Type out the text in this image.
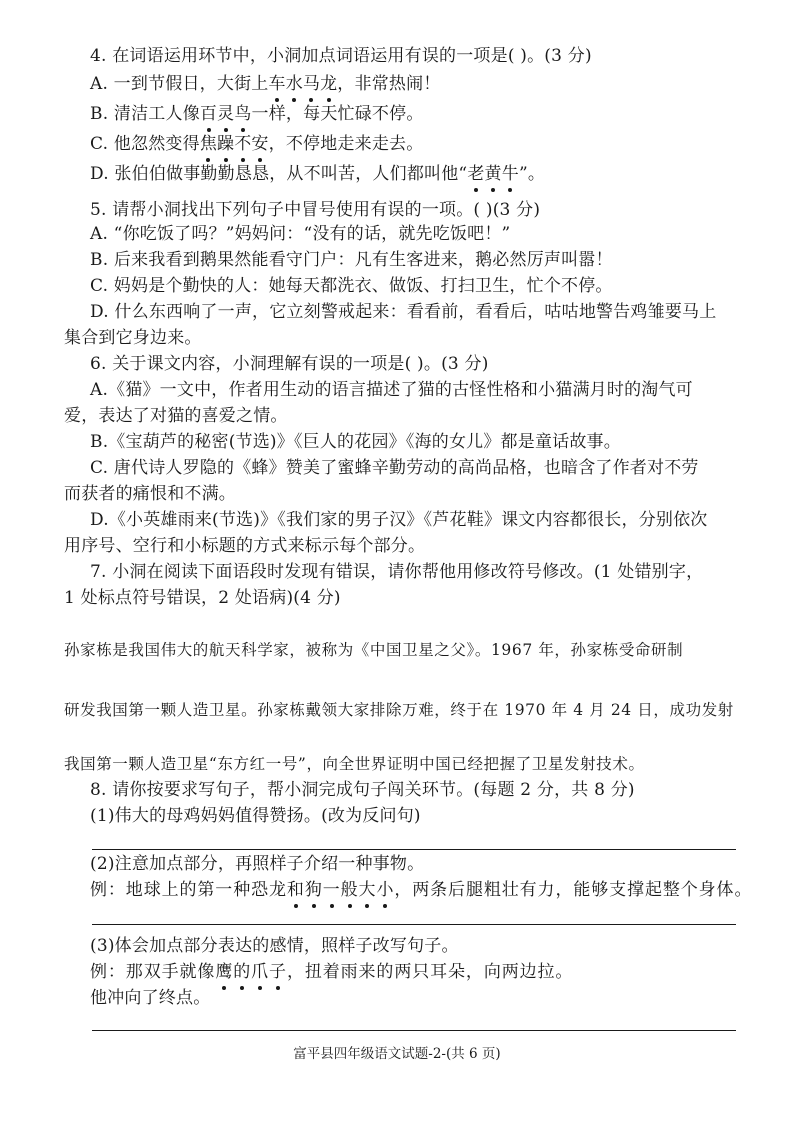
4. 在词语运用环节中，小洞加点词语运用有误的一项是( )。(3 分)
A. 一到节假日，大街上车水马龙，非常热闹！
B. 清洁工人像百灵鸟一样，每天忙碌不停。
C. 他忽然变得焦躁不安，不停地走来走去。
D. 张伯伯做事勤勤恳恳，从不叫苦，人们都叫他“老黄牛”。
5. 请帮小洞找出下列句子中冒号使用有误的一项。( )(3 分)
A. “你吃饭了吗？”妈妈问：“没有的话，就先吃饭吧！”
B. 后来我看到鹅果然能看守门户：凡有生客进来，鹅必然厉声叫嚣！
C. 妈妈是个勤快的人：她每天都洗衣、做饭、打扫卫生，忙个不停。
D. 什么东西响了一声，它立刻警戒起来：看看前，看看后，咕咕地警告鸡雏要马上
集合到它身边来。
6. 关于课文内容，小洞理解有误的一项是( )。(3 分)
A.《猫》一文中，作者用生动的语言描述了猫的古怪性格和小猫满月时的淘气可
爱，表达了对猫的喜爱之情。
B.《宝葫芦的秘密(节选)》《巨人的花园》《海的女儿》都是童话故事。
C. 唐代诗人罗隐的《蜂》赞美了蜜蜂辛勤劳动的高尚品格，也暗含了作者对不劳
而获者的痛恨和不满。
D.《小英雄雨来(节选)》《我们家的男子汉》《芦花鞋》课文内容都很长，分别依次
用序号、空行和小标题的方式来标示每个部分。
7. 小洞在阅读下面语段时发现有错误，请你帮他用修改符号修改。(1 处错别字，
1 处标点符号错误，2 处语病)(4 分)
孙家栋是我国伟大的航天科学家，被称为《中国卫星之父》。1967 年，孙家栋受命研制
研发我国第一颗人造卫星。孙家栋戴领大家排除万难，终于在 1970 年 4 月 24 日，成功发射
我国第一颗人造卫星“东方红一号”，向全世界证明中国已经把握了卫星发射技术。
8. 请你按要求写句子，帮小洞完成句子闯关环节。(每题 2 分，共 8 分)
(1)伟大的母鸡妈妈值得赞扬。(改为反问句)
(2)注意加点部分，再照样子介绍一种事物。
例：地球上的第一种恐龙和狗一般大小，两条后腿粗壮有力，能够支撑起整个身体。
(3)体会加点部分表达的感情，照样子改写句子。
例：那双手就像鹰的爪子，扭着雨来的两只耳朵，向两边拉。
他冲向了终点。
富平县四年级语文试题-2-(共 6 页)
